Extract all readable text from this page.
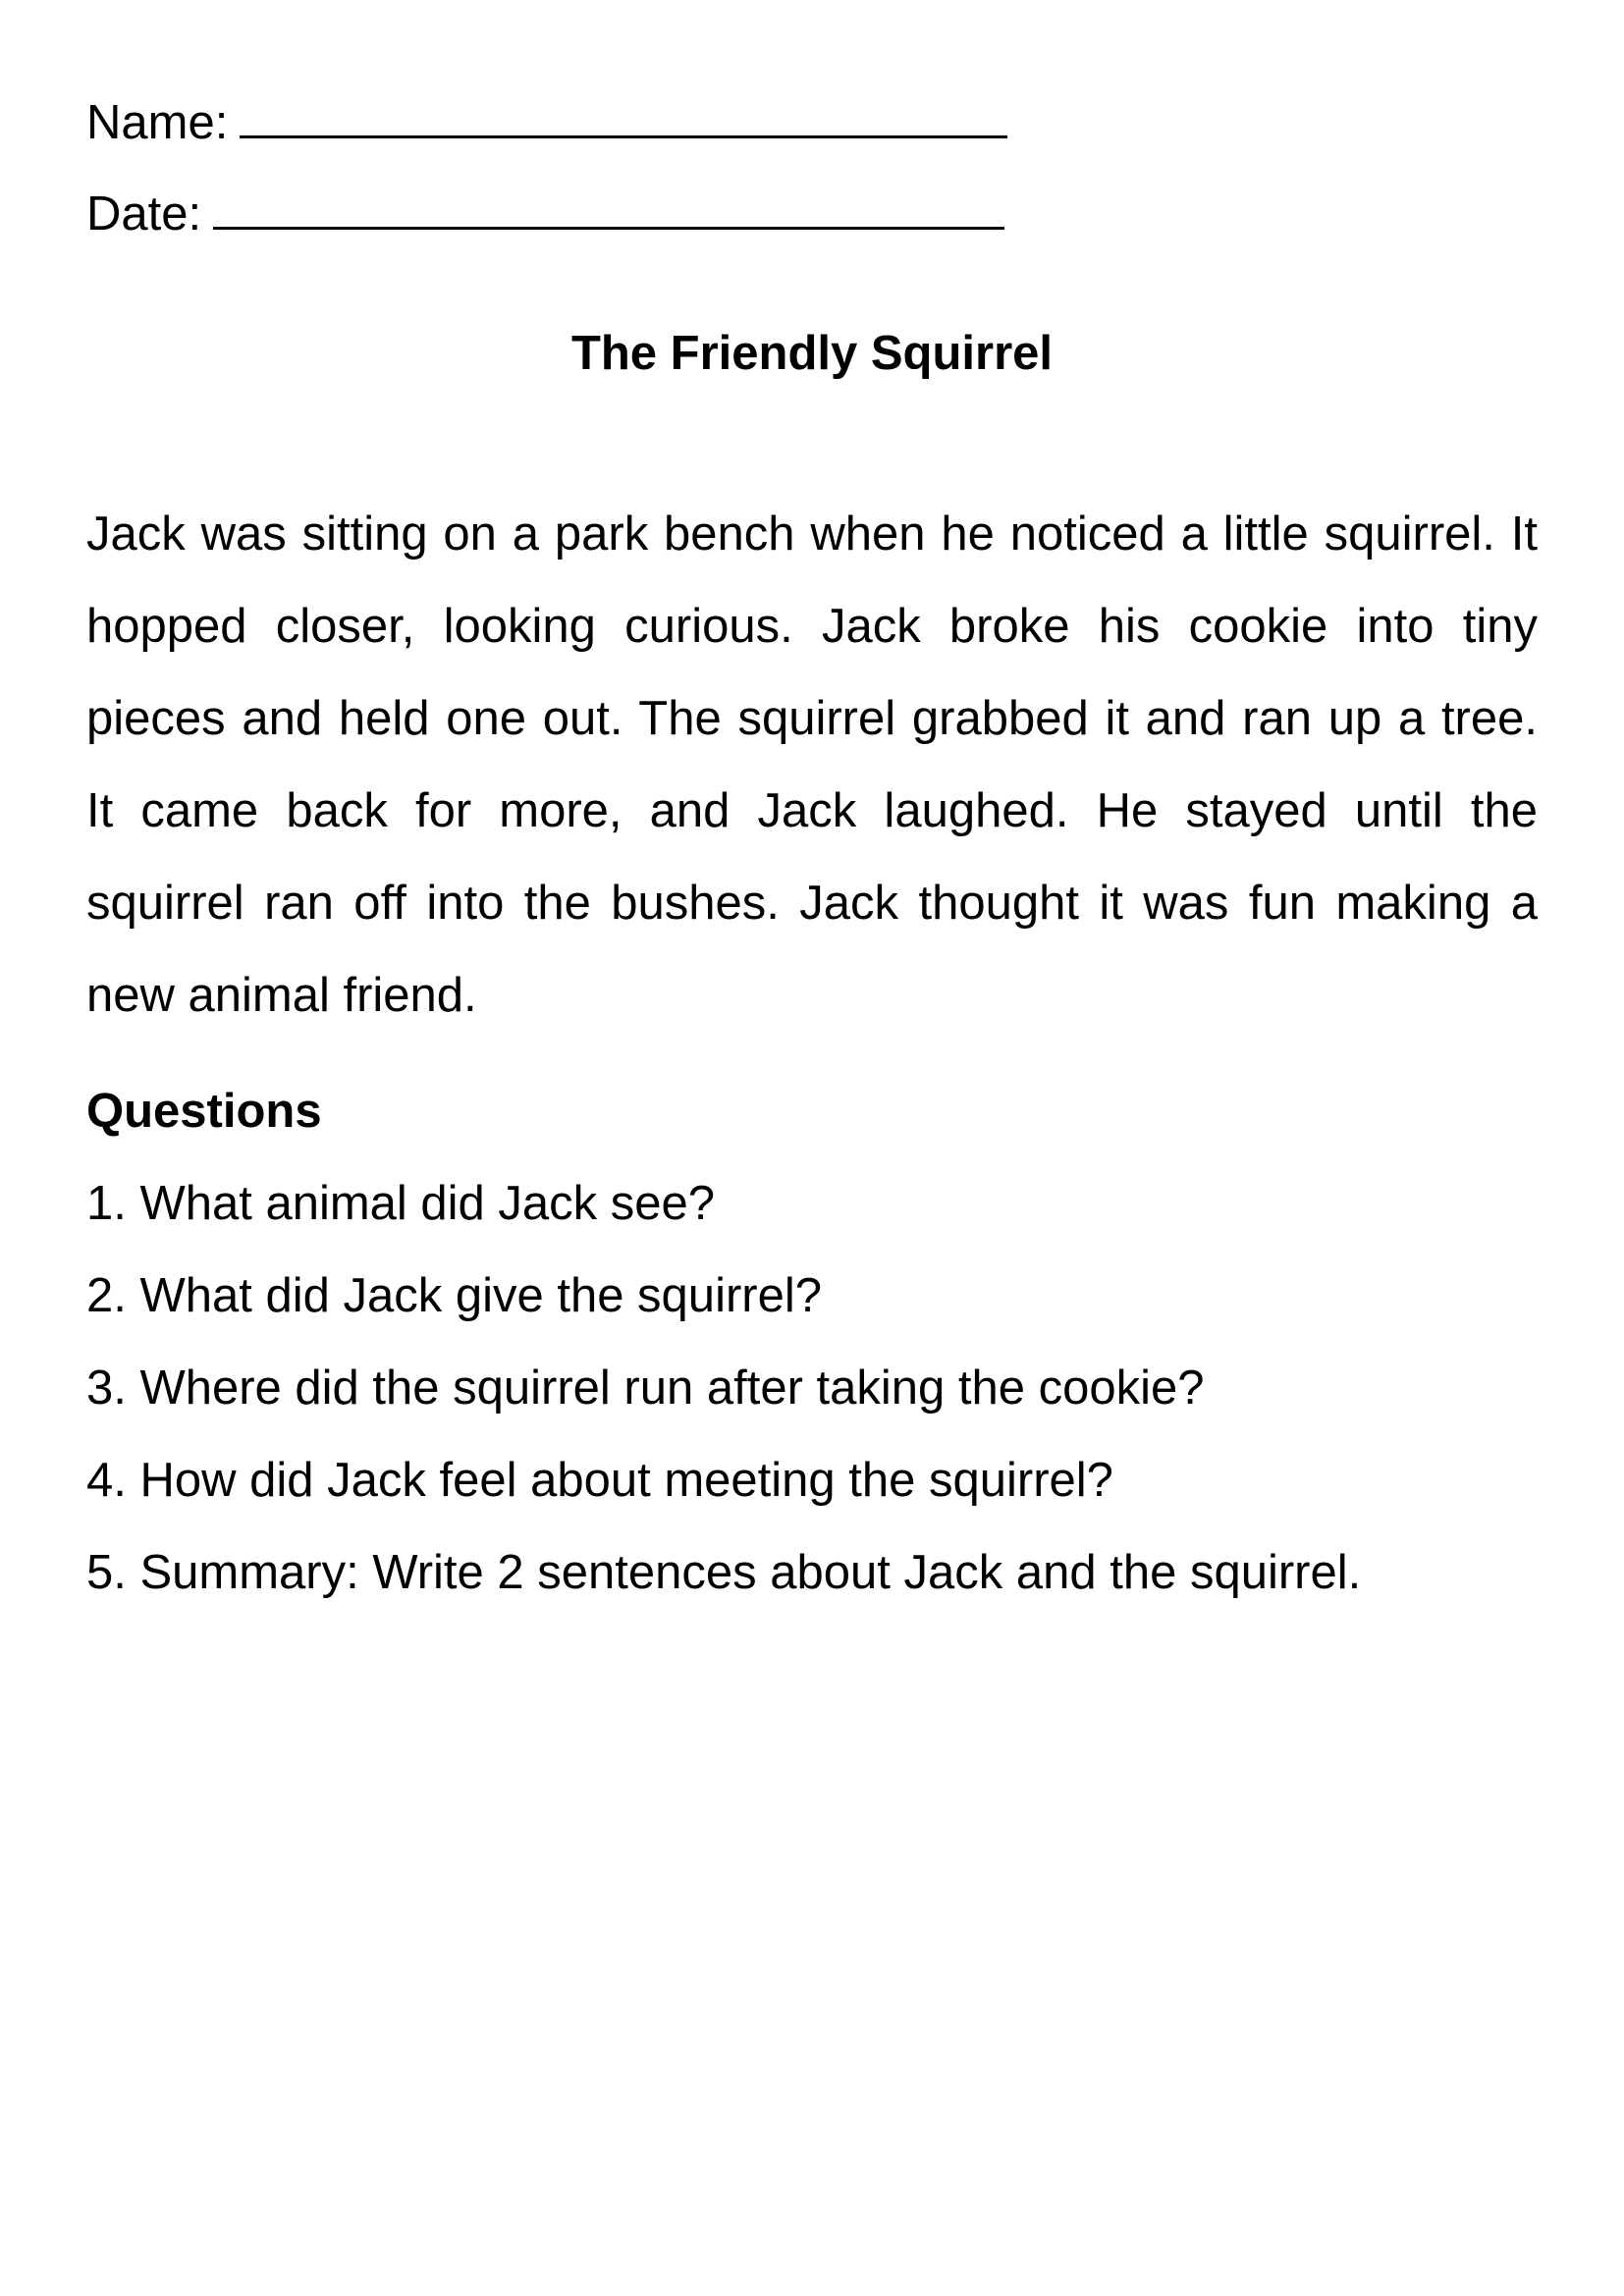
Name:
Date:
The Friendly Squirrel

Jack was sitting on a park bench when he noticed a little squirrel. It hopped closer, looking curious. Jack broke his cookie into tiny pieces and held one out. The squirrel grabbed it and ran up a tree. It came back for more, and Jack laughed. He stayed until the squirrel ran off into the bushes. Jack thought it was fun making a new animal friend.

Questions
1. What animal did Jack see?
2. What did Jack give the squirrel?
3. Where did the squirrel run after taking the cookie?
4. How did Jack feel about meeting the squirrel?
5. Summary: Write 2 sentences about Jack and the squirrel.
